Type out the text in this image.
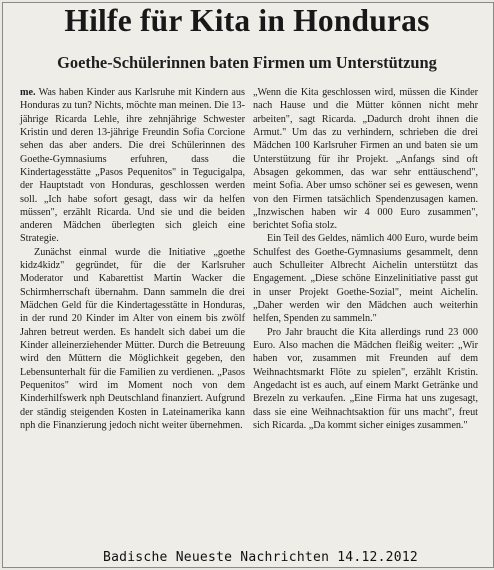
Hilfe für Kita in Honduras
Goethe-Schülerinnen baten Firmen um Unterstützung

me. Was haben Kinder aus Karlsruhe mit Kindern aus Honduras zu tun? Nichts, möchte man meinen. Die 13-jährige Ricarda Lehle, ihre zehnjährige Schwester Kristin und deren 13-jährige Freundin Sofia Corcione sehen das aber anders. Die drei Schülerinnen des Goethe-Gymnasiums erfuhren, dass die Kindertagesstätte „Pasos Pequenitos" in Tegucigalpa, der Hauptstadt von Honduras, geschlossen werden soll. „Ich habe sofort gesagt, dass wir da helfen müssen", erzählt Ricarda. Und sie und die beiden anderen Mädchen überlegten sich gleich eine Strategie.

Zunächst einmal wurde die Initiative „goethe kidz4kidz" gegründet, für die der Karlsruher Moderator und Kabarettist Martin Wacker die Schirmherrschaft übernahm. Dann sammeln die drei Mädchen Geld für die Kindertagesstätte in Honduras, in der rund 20 Kinder im Alter von einem bis zwölf Jahren betreut werden. Es handelt sich dabei um die Kinder alleinerziehender Mütter. Durch die Betreuung wird den Müttern die Möglichkeit gegeben, den Lebensunterhalt für die Familien zu verdienen. „Pasos Pequenitos" wird im Moment noch von dem Kinderhilfswerk nph Deutschland finanziert. Aufgrund der ständig steigenden Kosten in Lateinamerika kann nph die Finanzierung jedoch nicht weiter übernehmen.

„Wenn die Kita geschlossen wird, müssen die Kinder nach Hause und die Mütter können nicht mehr arbeiten", sagt Ricarda. „Dadurch droht ihnen die Armut." Um das zu verhindern, schrieben die drei Mädchen 100 Karlsruher Firmen an und baten sie um Unterstützung für ihr Projekt. „Anfangs sind oft Absagen gekommen, das war sehr enttäuschend", meint Sofia. Aber umso schöner sei es gewesen, wenn von den Firmen tatsächlich Spendenzusagen kamen. „Inzwischen haben wir 4 000 Euro zusammen", berichtet Sofia stolz.

Ein Teil des Geldes, nämlich 400 Euro, wurde beim Schulfest des Goethe-Gymnasiums gesammelt, denn auch Schulleiter Albrecht Aichelin unterstützt das Engagement. „Diese schöne Einzelinitiative passt gut in unser Projekt Goethe-Sozial", meint Aichelin. „Daher werden wir den Mädchen auch weiterhin helfen, Spenden zu sammeln."

Pro Jahr braucht die Kita allerdings rund 23 000 Euro. Also machen die Mädchen fleißig weiter: „Wir haben vor, zusammen mit Freunden auf dem Weihnachtsmarkt Flöte zu spielen", erzählt Kristin. Angedacht ist es auch, auf einem Markt Getränke und Brezeln zu verkaufen. „Eine Firma hat uns zugesagt, dass sie eine Weihnachtsaktion für uns macht", freut sich Ricarda. „Da kommt sicher einiges zusammen."

Badische Neueste Nachrichten 14.12.2012
